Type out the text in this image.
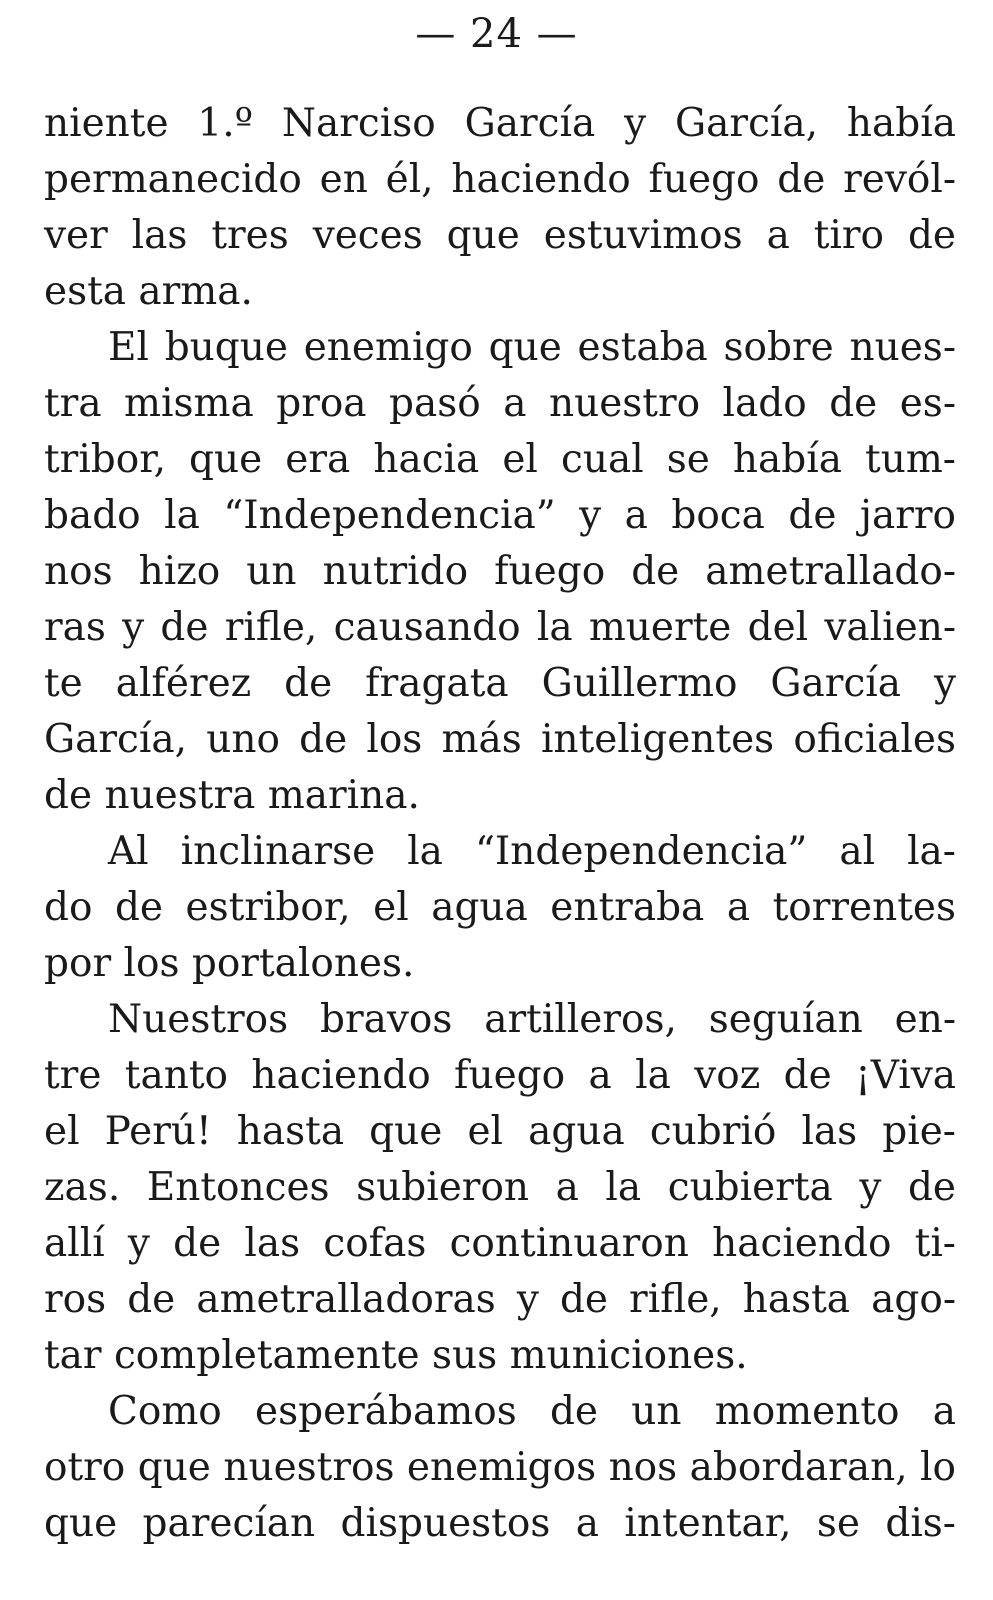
— 24 —
niente 1.º Narciso García y García, había
permanecido en él, haciendo fuego de revól-
ver las tres veces que estuvimos a tiro de
esta arma.
El buque enemigo que estaba sobre nues-
tra misma proa pasó a nuestro lado de es-
tribor, que era hacia el cual se había tum-
bado la “Independencia” y a boca de jarro
nos hizo un nutrido fuego de ametrallado-
ras y de rifle, causando la muerte del valien-
te alférez de fragata Guillermo García y
García, uno de los más inteligentes oficiales
de nuestra marina.
Al inclinarse la “Independencia” al la-
do de estribor, el agua entraba a torrentes
por los portalones.
Nuestros bravos artilleros, seguían en-
tre tanto haciendo fuego a la voz de ¡Viva
el Perú! hasta que el agua cubrió las pie-
zas. Entonces subieron a la cubierta y de
allí y de las cofas continuaron haciendo ti-
ros de ametralladoras y de rifle, hasta ago-
tar completamente sus municiones.
Como esperábamos de un momento a
otro que nuestros enemigos nos abordaran, lo
que parecían dispuestos a intentar, se dis-
